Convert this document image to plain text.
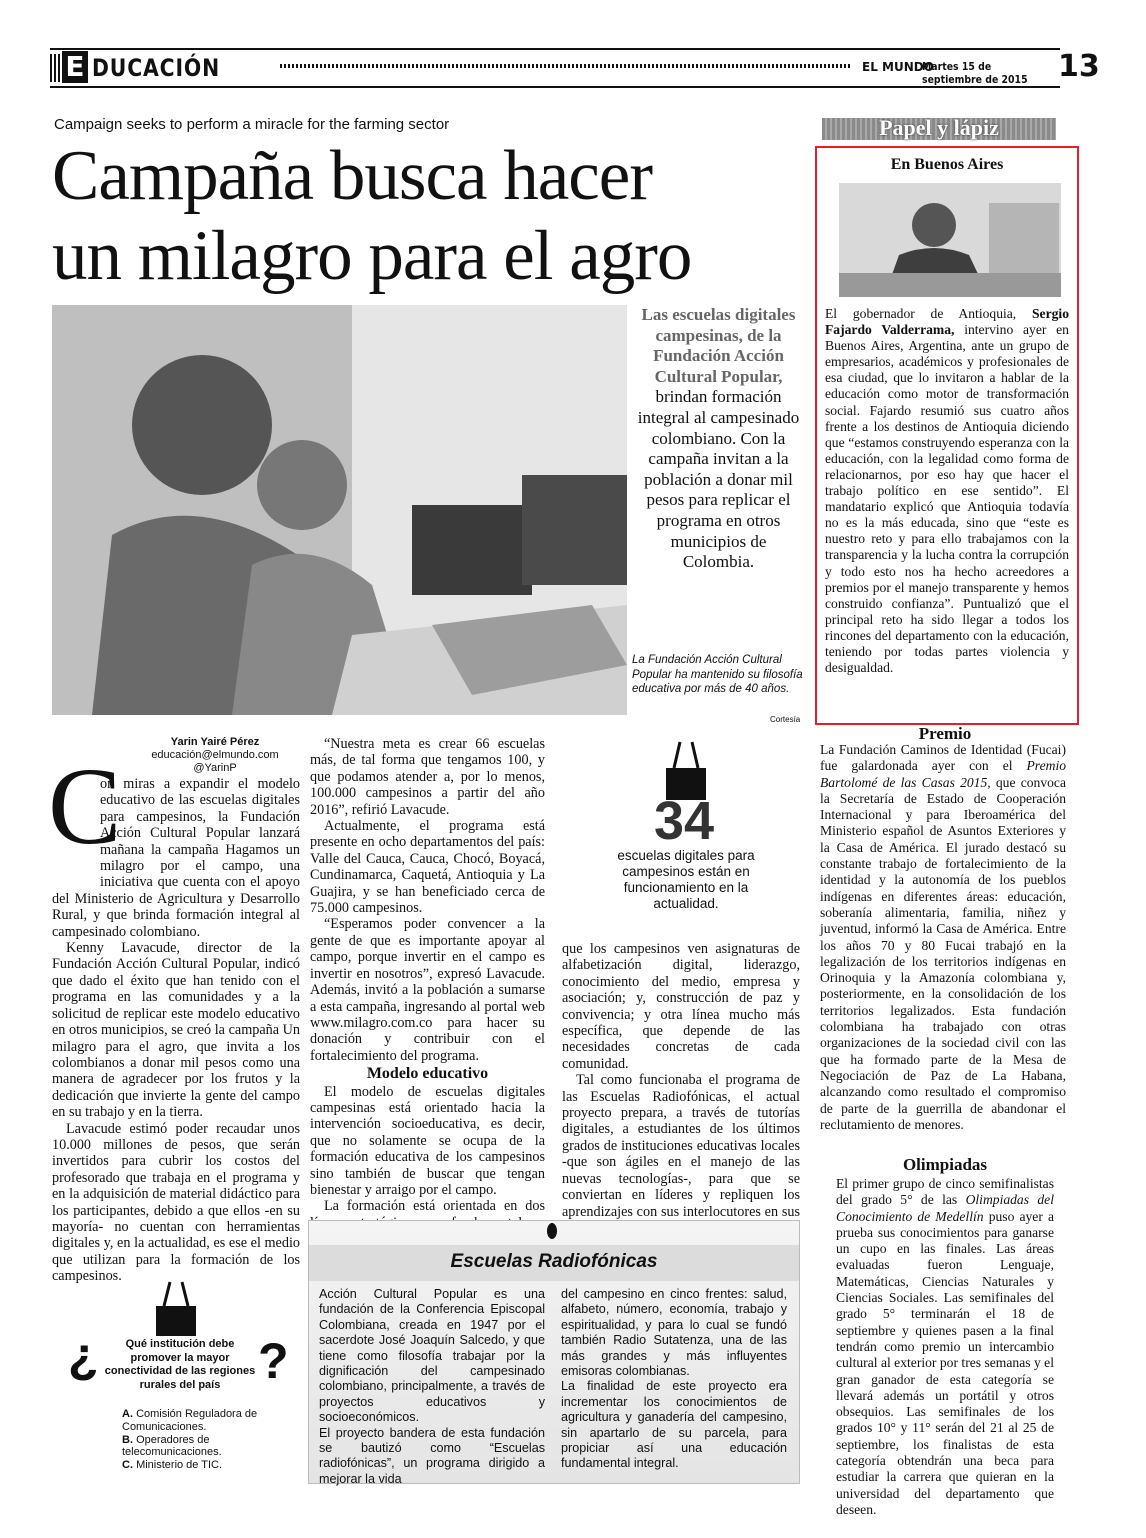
E DUCACIÓN	EL MUNDO
Martes 15 de septiembre de 2015	13
Campaign seeks to perform a miracle for the farming sector
Campaña busca hacer
un milagro para el agro
Las escuelas digitales campesinas, de la Fundación Acción Cultural Popular, brindan formación integral al campesinado colombiano. Con la campaña invitan a la población a donar mil pesos para replicar el programa en otros municipios de Colombia.
La Fundación Acción Cultural Popular ha mantenido su filosofía educativa por más de 40 años.
Cortesía
Yarin Yairé Pérez
educación@elmundo.com
@YarinP
C

on miras a expandir el modelo educativo de las escuelas digitales para campesinos, la Fundación Acción Cultural Popular lanzará mañana la campaña Hagamos un milagro por el campo, una iniciativa que cuenta con el apoyo del Ministerio de Agricultura y Desarrollo Rural, y que brinda formación integral al campesinado colombiano.

Kenny Lavacude, director de la Fundación Acción Cultural Popular, indicó que dado el éxito que han tenido con el programa en las comunidades y a la solicitud de replicar este modelo educativo en otros municipios, se creó la campaña Un milagro para el agro, que invita a los colombianos a donar mil pesos como una manera de agradecer por los frutos y la dedicación que invierte la gente del campo en su trabajo y en la tierra.

Lavacude estimó poder recaudar unos 10.000 millones de pesos, que serán invertidos para cubrir los costos del profesorado que trabaja en el programa y en la adquisición de material didáctico para los participantes, debido a que ellos -en su mayoría- no cuentan con herramientas digitales y, en la actualidad, es ese el medio que utilizan para la formación de los campesinos.

“Nuestra meta es crear 66 escuelas más, de tal forma que tengamos 100, y que podamos atender a, por lo menos, 100.000 campesinos a partir del año 2016”, refirió Lavacude.

Actualmente, el programa está presente en ocho departamentos del país: Valle del Cauca, Cauca, Chocó, Boyacá, Cundinamarca, Caquetá, Antioquia y La Guajira, y se han beneficiado cerca de 75.000 campesinos.

“Esperamos poder convencer a la gente de que es importante apoyar al campo, porque invertir en el campo es invertir en nosotros”, expresó Lavacude. Además, invitó a la población a sumarse a esta campaña, ingresando al portal web www.milagro.com.co para hacer su donación y contribuir con el fortalecimiento del programa.

Modelo educativo

El modelo de escuelas digitales campesinas está orientado hacia la intervención socioeducativa, es decir, que no solamente se ocupa de la formación educativa de los campesinos sino también de buscar que tengan bienestar y arraigo por el campo.

La formación está orientada en dos

34
escuelas digitales para campesinos están en funcionamiento en la actualidad.

que los campesinos ven asignaturas de alfabetización digital, liderazgo, conocimiento del medio, empresa y asociación; y, construcción de paz y convivencia; y otra línea mucho más específica, que depende de las necesidades concretas de cada comunidad.

Tal como funcionaba el programa de las Escuelas Radiofónicas, el actual proyecto prepara, a través de tutorías digitales, a estudiantes de los últimos grados de instituciones educativas locales -que son ágiles en el manejo de las nuevas tecnologías-, para que se conviertan en líderes y repliquen los aprendizajes con sus interlocutores en sus

¿	?
Qué institución debe promover la mayor conectividad de las regiones rurales del país
A. Comisión Reguladora de Comunicaciones.
B. Operadores de telecomunicaciones.
C. Ministerio de TIC.
Escuelas Radiofónicas
Acción Cultural Popular es una fundación de la Conferencia Episcopal Colombiana, creada en 1947 por el sacerdote José Joaquín Salcedo, y que tiene como filosofía trabajar por la dignificación del campesinado colombiano, principalmente, a través de proyectos educativos y socioeconómicos.
El proyecto bandera de esta fundación se bautizó como “Escuelas radiofónicas”, un programa dirigido a mejorar la vida
del campesino en cinco frentes: salud, alfabeto, número, economía, trabajo y espiritualidad, y para lo cual se fundó también Radio Sutatenza, una de las más grandes y más influyentes emisoras colombianas.
La finalidad de este proyecto era incrementar los conocimientos de agricultura y ganadería del campesino, sin apartarlo de su parcela, para propiciar así una educación fundamental integral.
Papel y lápiz
En Buenos Aires
El gobernador de Antioquia, Sergio Fajardo Valderrama, intervino ayer en Buenos Aires, Argentina, ante un grupo de empresarios, académicos y profesionales de esa ciudad, que lo invitaron a hablar de la educación como motor de transformación social. Fajardo resumió sus cuatro años frente a los destinos de Antioquia diciendo que “estamos construyendo esperanza con la educación, con la legalidad como forma de relacionarnos, por eso hay que hacer el trabajo político en ese sentido”. El mandatario explicó que Antioquia todavía no es la más educada, sino que “este es nuestro reto y para ello trabajamos con la transparencia y la lucha contra la corrupción y todo esto nos ha hecho acreedores a premios por el manejo transparente y hemos construido confianza”. Puntualizó que el principal reto ha sido llegar a todos los rincones del departamento con la educación, teniendo por todas partes violencia y desigualdad.
Premio
La Fundación Caminos de Identidad (Fucai) fue galardonada ayer con el Premio Bartolomé de las Casas 2015, que convoca la Secretaría de Estado de Cooperación Internacional y para Iberoamérica del Ministerio español de Asuntos Exteriores y la Casa de América. El jurado destacó su constante trabajo de fortalecimiento de la identidad y la autonomía de los pueblos indígenas en diferentes áreas: educación, soberanía alimentaria, familia, niñez y juventud, informó la Casa de América. Entre los años 70 y 80 Fucai trabajó en la legalización de los territorios indígenas en Orinoquia y la Amazonía colombiana y, posteriormente, en la consolidación de los territorios legalizados. Esta fundación colombiana ha trabajado con otras organizaciones de la sociedad civil con las que ha formado parte de la Mesa de Negociación de Paz de La Habana, alcanzando como resultado el compromiso de parte de la guerrilla de abandonar el reclutamiento de menores.
Olimpiadas
El primer grupo de cinco semifinalistas del grado 5° de las Olimpiadas del Conocimiento de Medellín puso ayer a prueba sus conocimientos para ganarse un cupo en las finales. Las áreas evaluadas fueron Lenguaje, Matemáticas, Ciencias Naturales y Ciencias Sociales. Las semifinales del grado 5° terminarán el 18 de septiembre y quienes pasen a la final tendrán como premio un intercambio cultural al exterior por tres semanas y el gran ganador de esta categoría se llevará además un portátil y otros obsequios. Las semifinales de los grados 10° y 11° serán del 21 al 25 de septiembre, los finalistas de esta categoría obtendrán una beca para estudiar la carrera que quieran en la universidad del departamento que deseen.
